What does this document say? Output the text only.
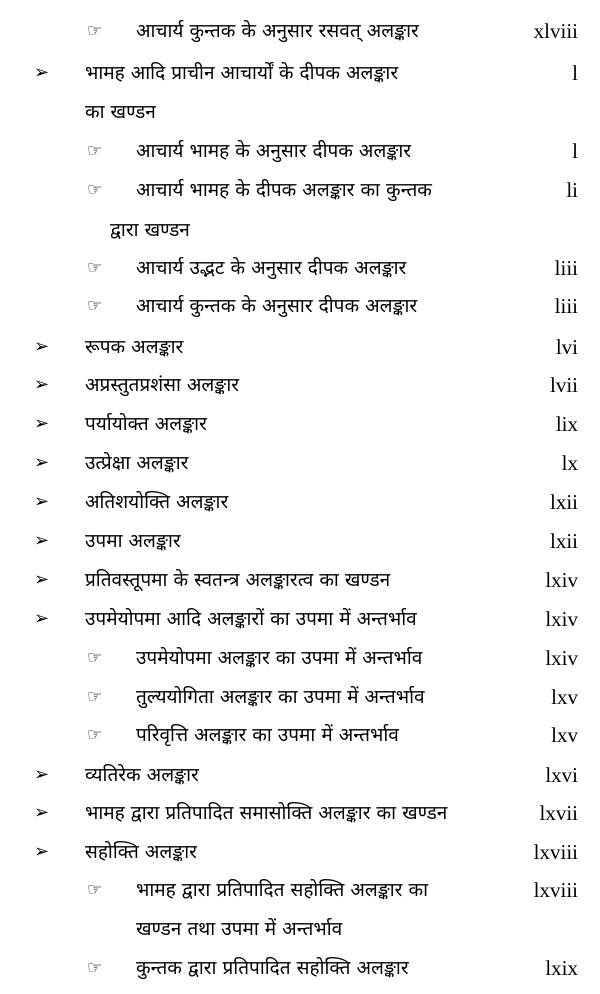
☞ आचार्य कुन्तक के अनुसार रसवत् अलङ्कार	xlviii
➢ भामह आदि प्राचीन आचार्यों के दीपक अलङ्कार	l
का खण्डन
☞ आचार्य भामह के अनुसार दीपक अलङ्कार	l
☞ आचार्य भामह के दीपक अलङ्कार का कुन्तक	li
द्वारा खण्डन
☞ आचार्य उद्भट के अनुसार दीपक अलङ्कार	liii
☞ आचार्य कुन्तक के अनुसार दीपक अलङ्कार	liii
➢ रूपक अलङ्कार	lvi
➢ अप्रस्तुतप्रशंसा अलङ्कार	lvii
➢ पर्यायोक्त अलङ्कार	lix
➢ उत्प्रेक्षा अलङ्कार	lx
➢ अतिशयोक्ति अलङ्कार	lxii
➢ उपमा अलङ्कार	lxii
➢ प्रतिवस्तूपमा के स्वतन्त्र अलङ्कारत्व का खण्डन	lxiv
➢ उपमेयोपमा आदि अलङ्कारों का उपमा में अन्तर्भाव	lxiv
☞ उपमेयोपमा अलङ्कार का उपमा में अन्तर्भाव	lxiv
☞ तुल्ययोगिता अलङ्कार का उपमा में अन्तर्भाव	lxv
☞ परिवृत्ति अलङ्कार का उपमा में अन्तर्भाव	lxv
➢ व्यतिरेक अलङ्कार	lxvi
➢ भामह द्वारा प्रतिपादित समासोक्ति अलङ्कार का खण्डन	lxvii
➢ सहोक्ति अलङ्कार	lxviii
☞ भामह द्वारा प्रतिपादित सहोक्ति अलङ्कार का	lxviii
खण्डन तथा उपमा में अन्तर्भाव
☞ कुन्तक द्वारा प्रतिपादित सहोक्ति अलङ्कार	lxix
